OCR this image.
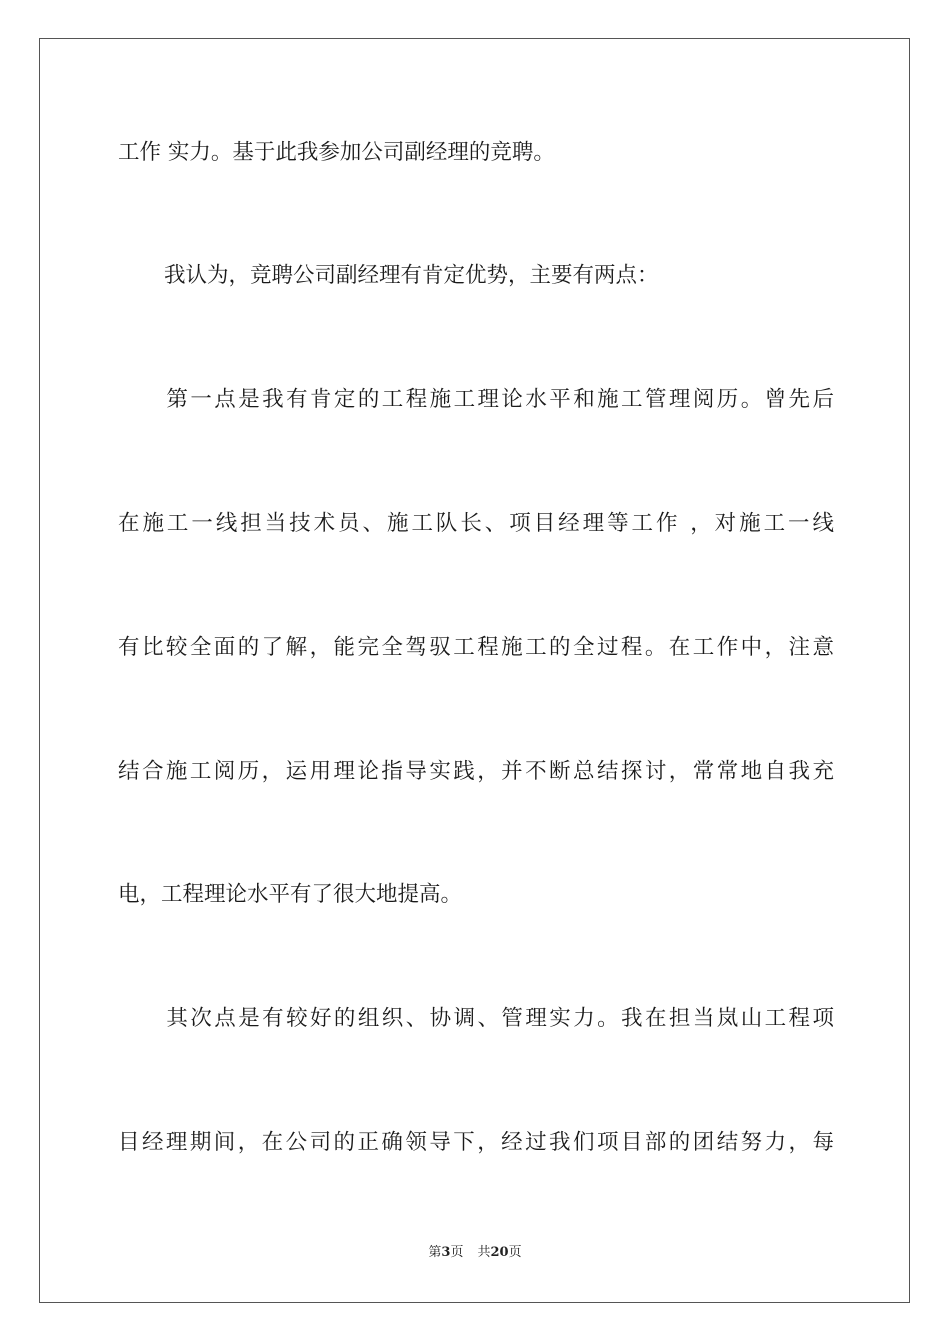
工作 实力。基于此我参加公司副经理的竞聘。
我认为，竞聘公司副经理有肯定优势，主要有两点：
第一点是我有肯定的工程施工理论水平和施工管理阅历。曾先后
在施工一线担当技术员、施工队长、项目经理等工作 ，对施工一线
有比较全面的了解，能完全驾驭工程施工的全过程。在工作中，注意
结合施工阅历，运用理论指导实践，并不断总结探讨，常常地自我充
电，工程理论水平有了很大地提高。
其次点是有较好的组织、协调、管理实力。我在担当岚山工程项
目经理期间，在公司的正确领导下，经过我们项目部的团结努力，每
第3页 共20页
